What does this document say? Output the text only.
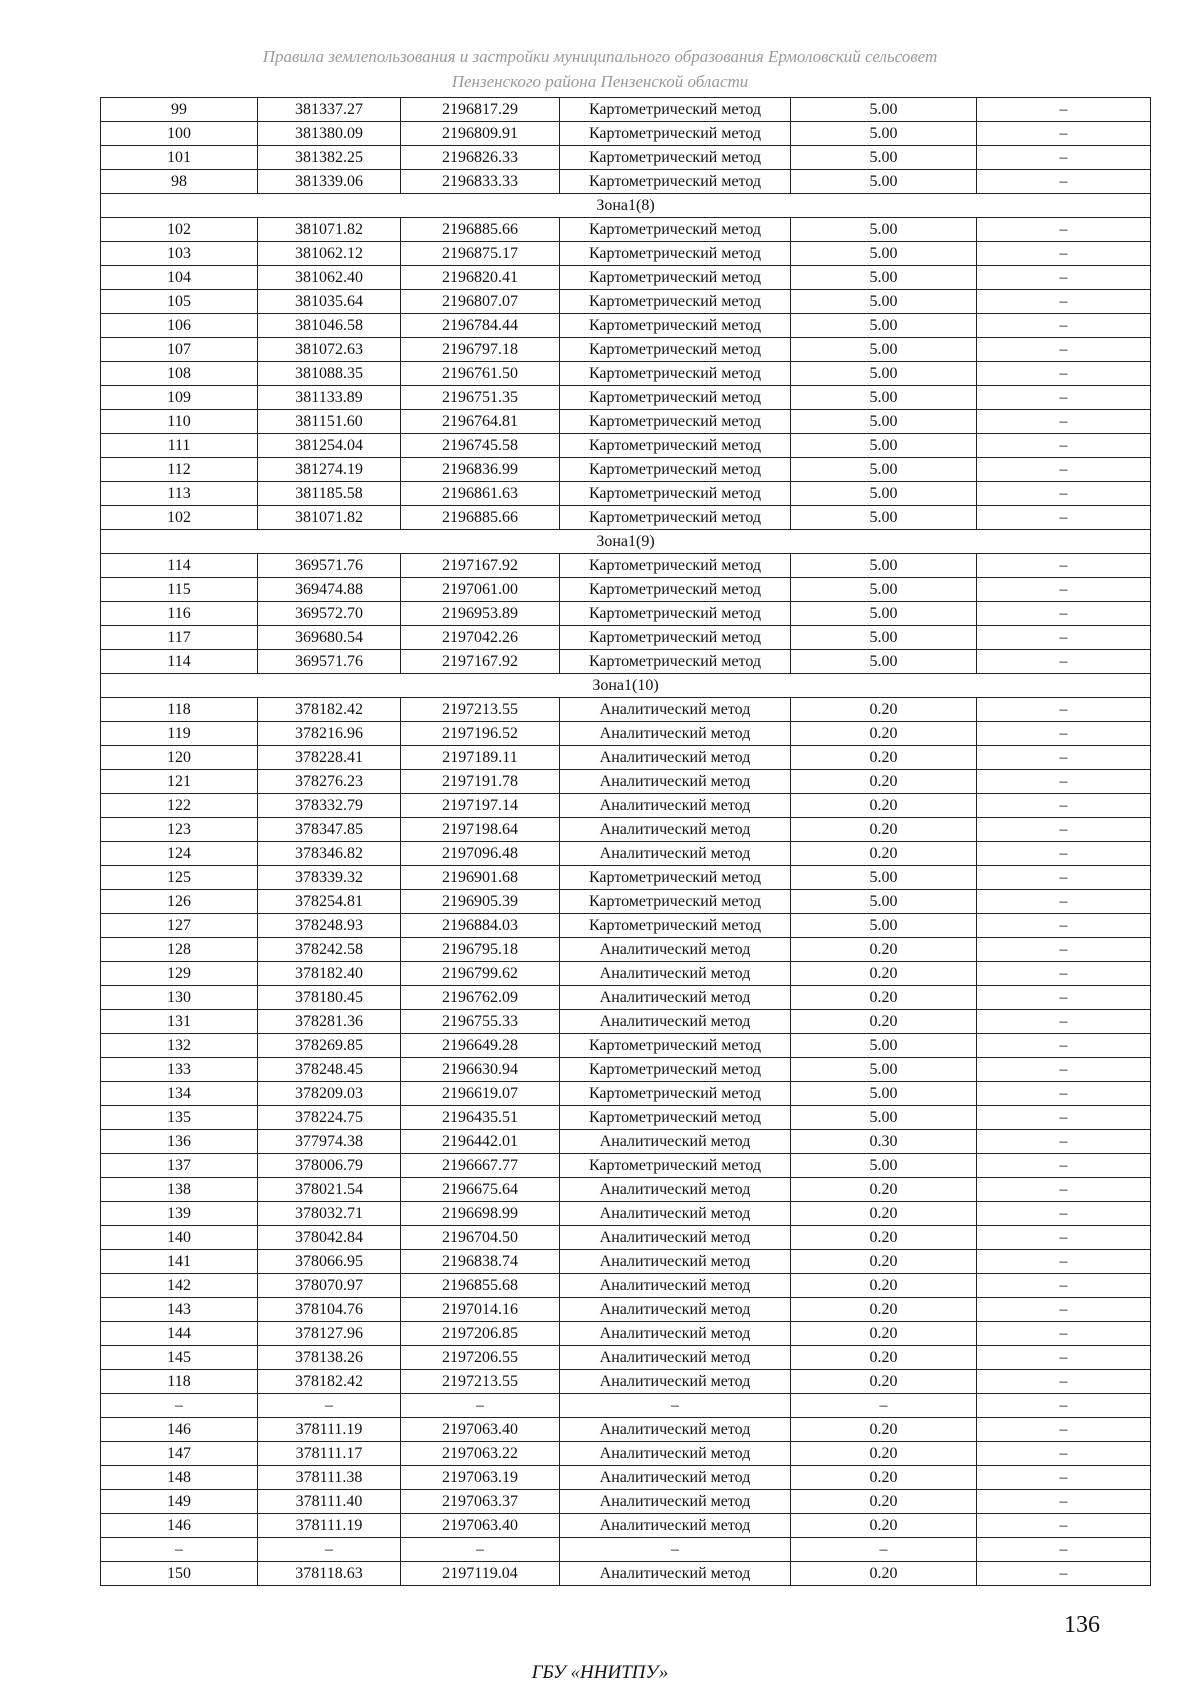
Правила землепользования и застройки муниципального образования Ермоловский сельсовет
Пензенского района Пензенской области
99	381337.27	2196817.29	Картометрический метод	5.00	–
100	381380.09	2196809.91	Картометрический метод	5.00	–
101	381382.25	2196826.33	Картометрический метод	5.00	–
98	381339.06	2196833.33	Картометрический метод	5.00	–
Зона1(8)					
102	381071.82	2196885.66	Картометрический метод	5.00	–
103	381062.12	2196875.17	Картометрический метод	5.00	–
104	381062.40	2196820.41	Картометрический метод	5.00	–
105	381035.64	2196807.07	Картометрический метод	5.00	–
106	381046.58	2196784.44	Картометрический метод	5.00	–
107	381072.63	2196797.18	Картометрический метод	5.00	–
108	381088.35	2196761.50	Картометрический метод	5.00	–
109	381133.89	2196751.35	Картометрический метод	5.00	–
110	381151.60	2196764.81	Картометрический метод	5.00	–
111	381254.04	2196745.58	Картометрический метод	5.00	–
112	381274.19	2196836.99	Картометрический метод	5.00	–
113	381185.58	2196861.63	Картометрический метод	5.00	–
102	381071.82	2196885.66	Картометрический метод	5.00	–
Зона1(9)					
114	369571.76	2197167.92	Картометрический метод	5.00	–
115	369474.88	2197061.00	Картометрический метод	5.00	–
116	369572.70	2196953.89	Картометрический метод	5.00	–
117	369680.54	2197042.26	Картометрический метод	5.00	–
114	369571.76	2197167.92	Картометрический метод	5.00	–
Зона1(10)					
118	378182.42	2197213.55	Аналитический метод	0.20	–
119	378216.96	2197196.52	Аналитический метод	0.20	–
120	378228.41	2197189.11	Аналитический метод	0.20	–
121	378276.23	2197191.78	Аналитический метод	0.20	–
122	378332.79	2197197.14	Аналитический метод	0.20	–
123	378347.85	2197198.64	Аналитический метод	0.20	–
124	378346.82	2197096.48	Аналитический метод	0.20	–
125	378339.32	2196901.68	Картометрический метод	5.00	–
126	378254.81	2196905.39	Картометрический метод	5.00	–
127	378248.93	2196884.03	Картометрический метод	5.00	–
128	378242.58	2196795.18	Аналитический метод	0.20	–
129	378182.40	2196799.62	Аналитический метод	0.20	–
130	378180.45	2196762.09	Аналитический метод	0.20	–
131	378281.36	2196755.33	Аналитический метод	0.20	–
132	378269.85	2196649.28	Картометрический метод	5.00	–
133	378248.45	2196630.94	Картометрический метод	5.00	–
134	378209.03	2196619.07	Картометрический метод	5.00	–
135	378224.75	2196435.51	Картометрический метод	5.00	–
136	377974.38	2196442.01	Аналитический метод	0.30	–
137	378006.79	2196667.77	Картометрический метод	5.00	–
138	378021.54	2196675.64	Аналитический метод	0.20	–
139	378032.71	2196698.99	Аналитический метод	0.20	–
140	378042.84	2196704.50	Аналитический метод	0.20	–
141	378066.95	2196838.74	Аналитический метод	0.20	–
142	378070.97	2196855.68	Аналитический метод	0.20	–
143	378104.76	2197014.16	Аналитический метод	0.20	–
144	378127.96	2197206.85	Аналитический метод	0.20	–
145	378138.26	2197206.55	Аналитический метод	0.20	–
118	378182.42	2197213.55	Аналитический метод	0.20	–
–	–	–	–	–	–
146	378111.19	2197063.40	Аналитический метод	0.20	–
147	378111.17	2197063.22	Аналитический метод	0.20	–
148	378111.38	2197063.19	Аналитический метод	0.20	–
149	378111.40	2197063.37	Аналитический метод	0.20	–
146	378111.19	2197063.40	Аналитический метод	0.20	–
–	–	–	–	–	–
150	378118.63	2197119.04	Аналитический метод	0.20	–
136
ГБУ «ННИТПУ»
